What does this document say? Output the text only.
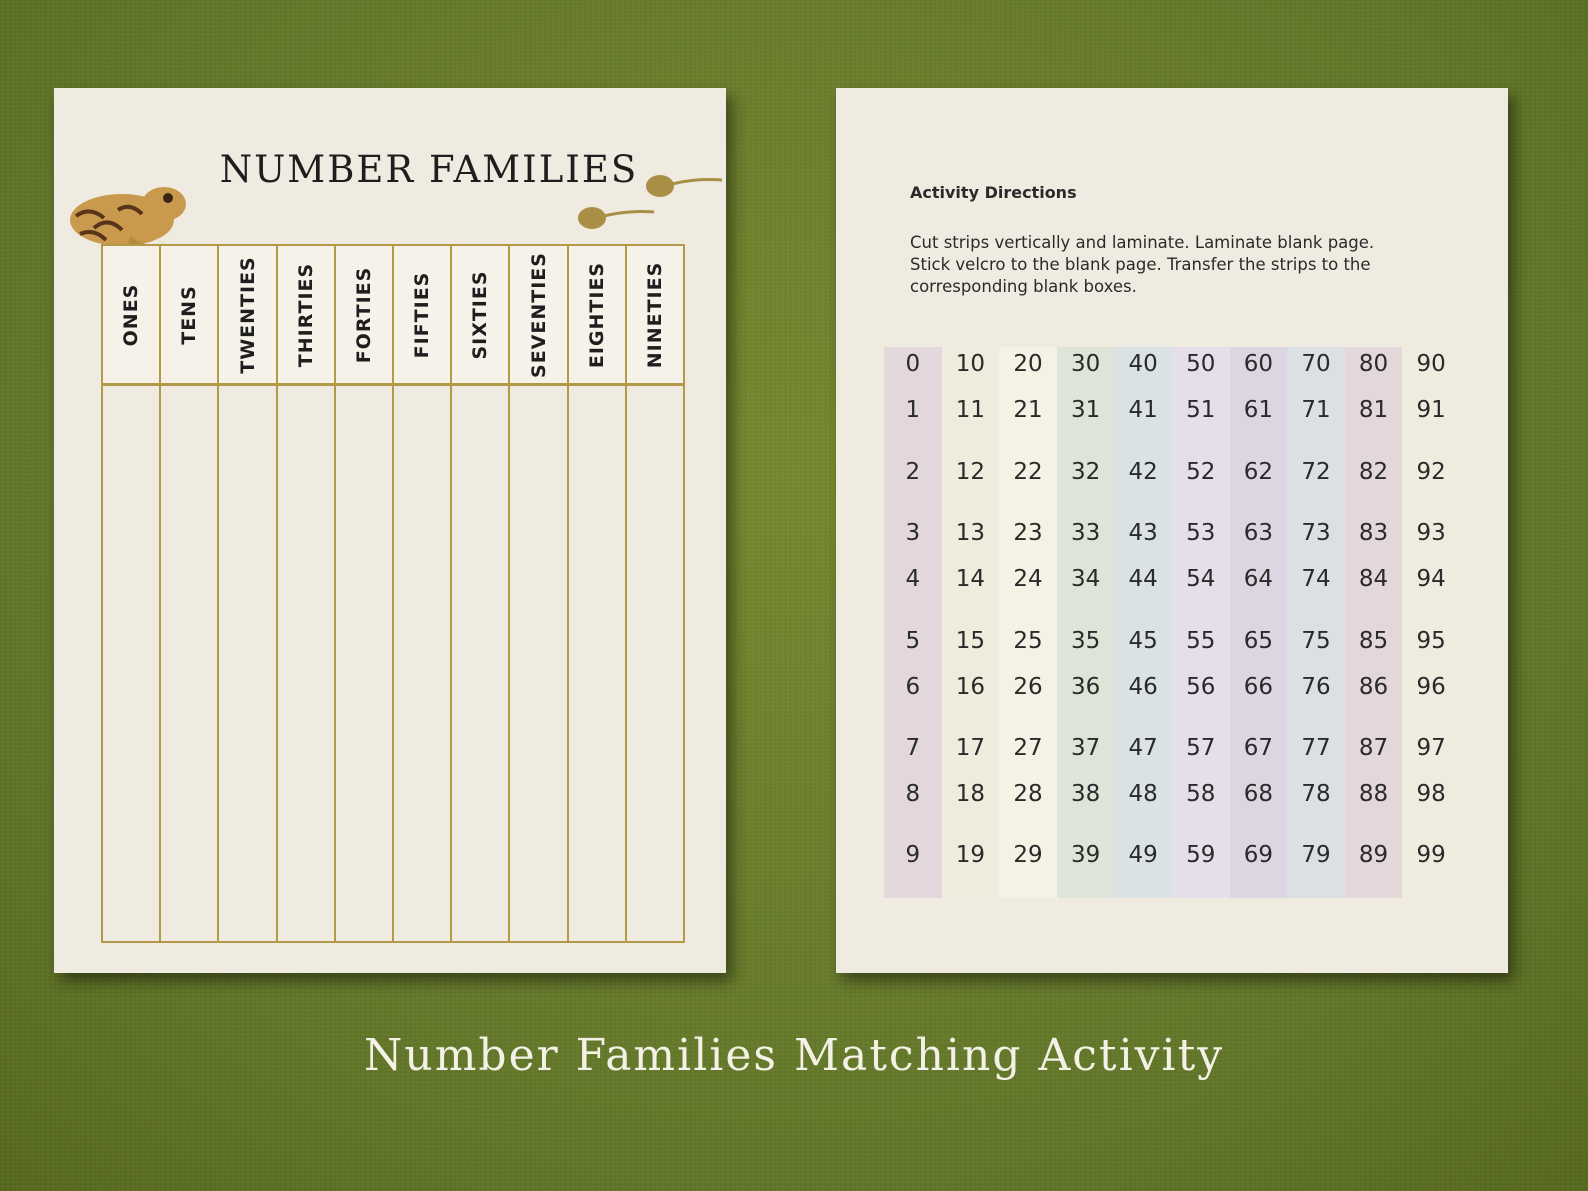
NUMBER FAMILIES
ONES TENS TWENTIES THIRTIES FORTIES FIFTIES SIXTIES SEVENTIES EIGHTIES NINETIES
Activity Directions
Cut strips vertically and laminate. Laminate blank page.
Stick velcro to the blank page. Transfer the strips to the
corresponding blank boxes.
0
1
2
3
4
5
6
7
8
9
10
11
12
13
14
15
16
17
18
19
20
21
22
23
24
25
26
27
28
29
30
31
32
33
34
35
36
37
38
39
40
41
42
43
44
45
46
47
48
49
50
51
52
53
54
55
56
57
58
59
60
61
62
63
64
65
66
67
68
69
70
71
72
73
74
75
76
77
78
79
80
81
82
83
84
85
86
87
88
89
90
91
92
93
94
95
96
97
98
99
Number Families Matching Activity
